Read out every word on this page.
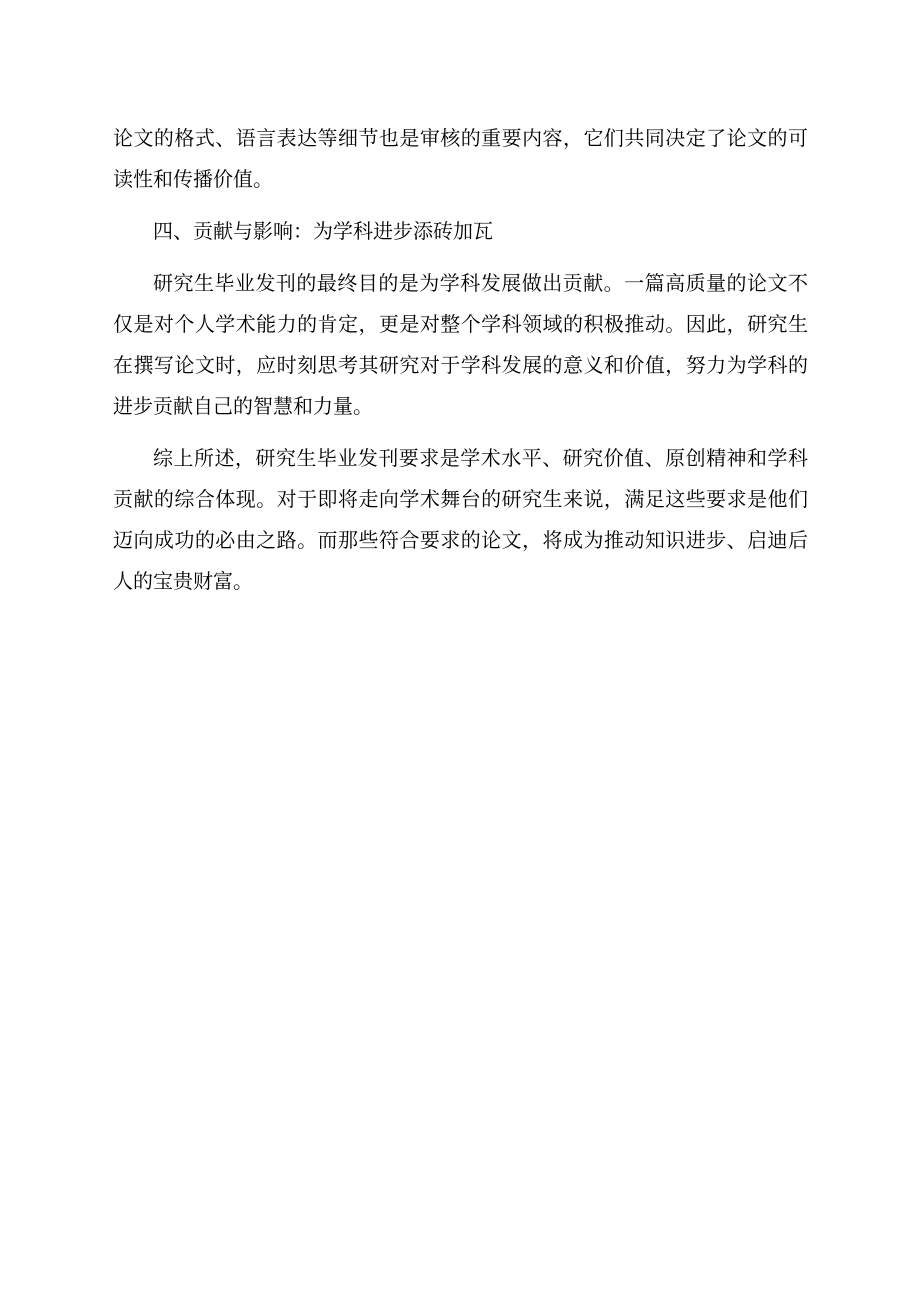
论文的格式、语言表达等细节也是审核的重要内容，它们共同决定了论文的可读性和传播价值。

四、贡献与影响：为学科进步添砖加瓦

研究生毕业发刊的最终目的是为学科发展做出贡献。一篇高质量的论文不仅是对个人学术能力的肯定，更是对整个学科领域的积极推动。因此，研究生在撰写论文时，应时刻思考其研究对于学科发展的意义和价值，努力为学科的进步贡献自己的智慧和力量。

综上所述，研究生毕业发刊要求是学术水平、研究价值、原创精神和学科贡献的综合体现。对于即将走向学术舞台的研究生来说，满足这些要求是他们迈向成功的必由之路。而那些符合要求的论文，将成为推动知识进步、启迪后人的宝贵财富。
